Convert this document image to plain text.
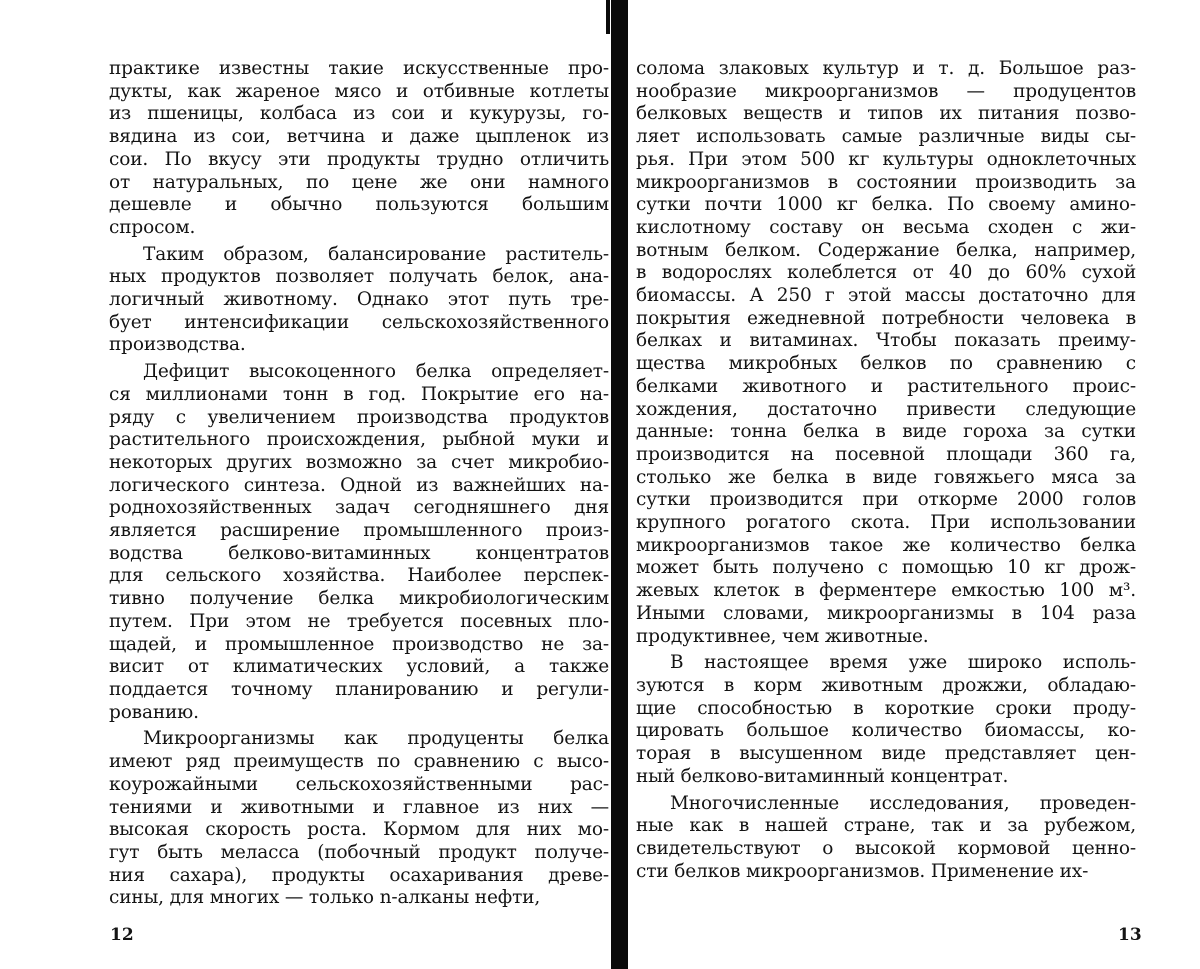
практике известны такие искусственные про-
дукты, как жареное мясо и отбивные котлеты
из пшеницы, колбаса из сои и кукурузы, го-
вядина из сои, ветчина и даже цыпленок из
сои. По вкусу эти продукты трудно отличить
от натуральных, по цене же они намного
дешевле и обычно пользуются большим
спросом.
Таким образом, балансирование раститель-
ных продуктов позволяет получать белок, ана-
логичный животному. Однако этот путь тре-
бует интенсификации сельскохозяйственного
производства.
Дефицит высокоценного белка определяет-
ся миллионами тонн в год. Покрытие его на-
ряду с увеличением производства продуктов
растительного происхождения, рыбной муки и
некоторых других возможно за счет микробио-
логического синтеза. Одной из важнейших на-
роднохозяйственных задач сегодняшнего дня
является расширение промышленного произ-
водства белково-витаминных концентратов
для сельского хозяйства. Наиболее перспек-
тивно получение белка микробиологическим
путем. При этом не требуется посевных пло-
щадей, и промышленное производство не за-
висит от климатических условий, а также
поддается точному планированию и регули-
рованию.
Микроорганизмы как продуценты белка
имеют ряд преимуществ по сравнению с высо-
коурожайными сельскохозяйственными рас-
тениями и животными и главное из них —
высокая скорость роста. Кормом для них мо-
гут быть меласса (побочный продукт получе-
ния сахара), продукты осахаривания древе-
сины, для многих — только n-алканы нефти,
солома злаковых культур и т. д. Большое раз-
нообразие микроорганизмов — продуцентов
белковых веществ и типов их питания позво-
ляет использовать самые различные виды сы-
рья. При этом 500 кг культуры одноклеточных
микроорганизмов в состоянии производить за
сутки почти 1000 кг белка. По своему амино-
кислотному составу он весьма сходен с жи-
вотным белком. Содержание белка, например,
в водорослях колеблется от 40 до 60% сухой
биомассы. А 250 г этой массы достаточно для
покрытия ежедневной потребности человека в
белках и витаминах. Чтобы показать преиму-
щества микробных белков по сравнению с
белками животного и растительного проис-
хождения, достаточно привести следующие
данные: тонна белка в виде гороха за сутки
производится на посевной площади 360 га,
столько же белка в виде говяжьего мяса за
сутки производится при откорме 2000 голов
крупного рогатого скота. При использовании
микроорганизмов такое же количество белка
может быть получено с помощью 10 кг дрож-
жевых клеток в ферментере емкостью 100 м³.
Иными словами, микроорганизмы в 104 раза
продуктивнее, чем животные.
В настоящее время уже широко исполь-
зуются в корм животным дрожжи, обладаю-
щие способностью в короткие сроки проду-
цировать большое количество биомассы, ко-
торая в высушенном виде представляет цен-
ный белково-витаминный концентрат.
Многочисленные исследования, проведен-
ные как в нашей стране, так и за рубежом,
свидетельствуют о высокой кормовой ценно-
сти белков микроорганизмов. Применение их-
12	13
